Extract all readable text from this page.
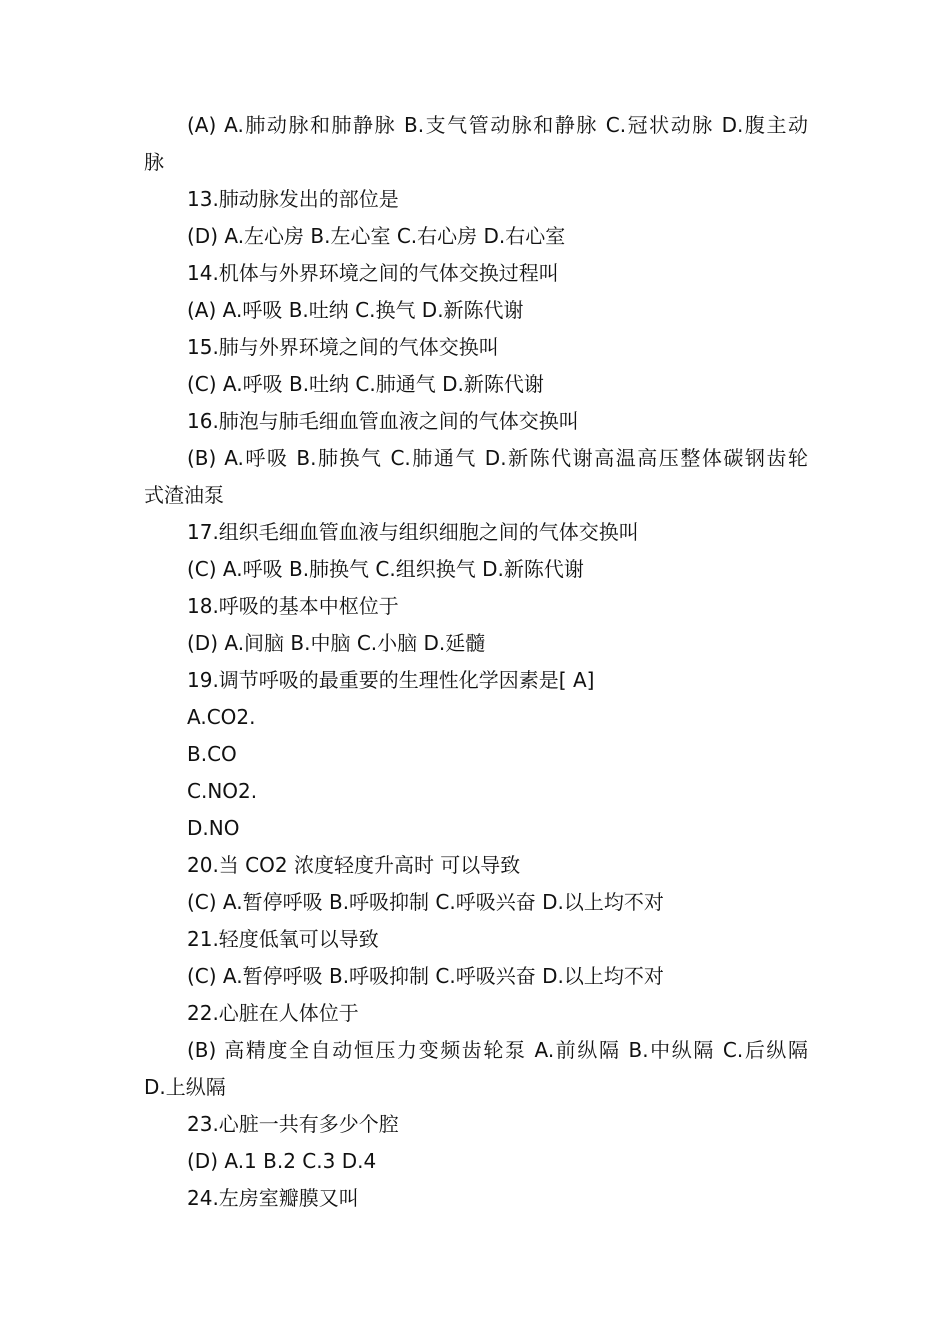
(A) A.肺动脉和肺静脉 B.支气管动脉和静脉 C.冠状动脉 D.腹主动

脉

13.肺动脉发出的部位是

(D) A.左心房 B.左心室 C.右心房 D.右心室

14.机体与外界环境之间的气体交换过程叫

(A) A.呼吸 B.吐纳 C.换气 D.新陈代谢

15.肺与外界环境之间的气体交换叫

(C) A.呼吸 B.吐纳 C.肺通气 D.新陈代谢

16.肺泡与肺毛细血管血液之间的气体交换叫

(B) A.呼吸 B.肺换气 C.肺通气 D.新陈代谢高温高压整体碳钢齿轮

式渣油泵

17.组织毛细血管血液与组织细胞之间的气体交换叫

(C) A.呼吸 B.肺换气 C.组织换气 D.新陈代谢

18.呼吸的基本中枢位于

(D) A.间脑 B.中脑 C.小脑 D.延髓

19.调节呼吸的最重要的生理性化学因素是[ A]

A.CO2.

B.CO

C.NO2.

D.NO

20.当 CO2 浓度轻度升高时 可以导致

(C) A.暂停呼吸 B.呼吸抑制 C.呼吸兴奋 D.以上均不对

21.轻度低氧可以导致

(C) A.暂停呼吸 B.呼吸抑制 C.呼吸兴奋 D.以上均不对

22.心脏在人体位于

(B) 高精度全自动恒压力变频齿轮泵 A.前纵隔 B.中纵隔 C.后纵隔

D.上纵隔

23.心脏一共有多少个腔

(D) A.1 B.2 C.3 D.4

24.左房室瓣膜又叫
